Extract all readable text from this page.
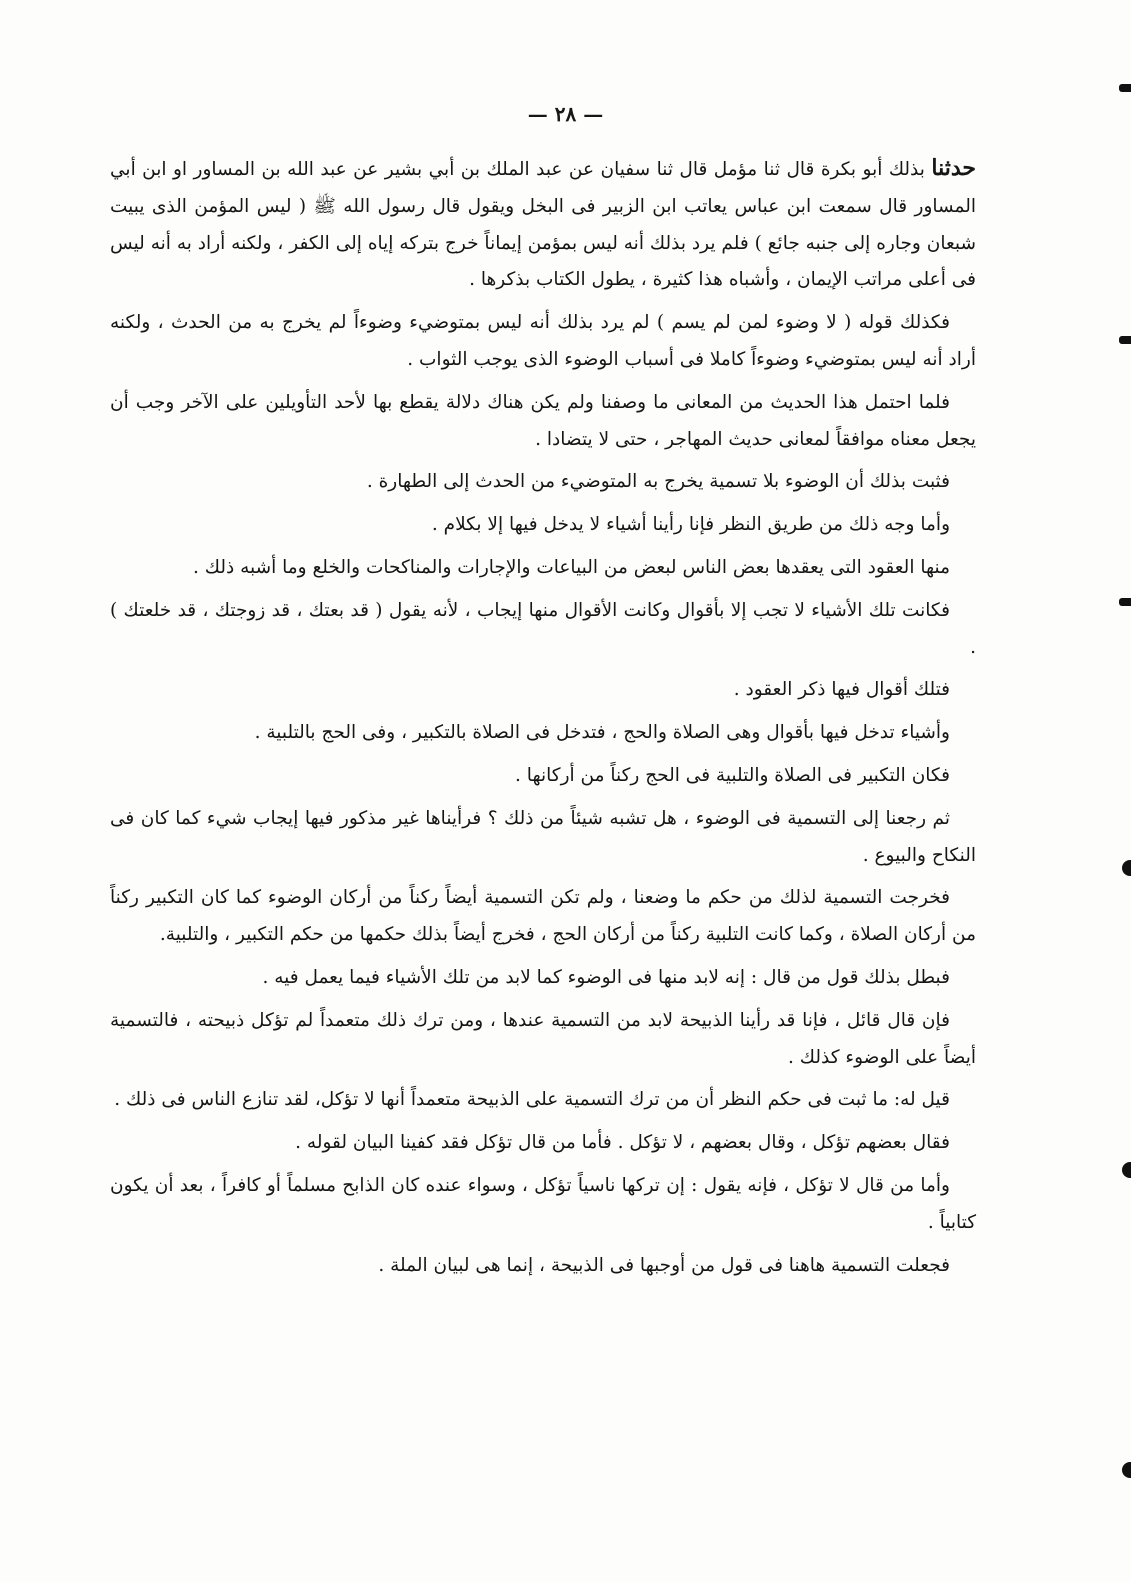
— ٢٨ —

حدثنا بذلك أبو بكرة قال ثنا مؤمل قال ثنا سفيان عن عبد الملك بن أبي بشير عن عبد الله بن المساور او ابن أبي المساور قال سمعت ابن عباس يعاتب ابن الزبير فى البخل ويقول قال رسول الله ﷺ ( ليس المؤمن الذى يبيت شبعان وجاره إلى جنبه جائع ) فلم يرد بذلك أنه ليس بمؤمن إيماناً خرج بتركه إياه إلى الكفر ، ولكنه أراد به أنه ليس فى أعلى مراتب الإيمان ، وأشباه هذا كثيرة ، يطول الكتاب بذكرها .

فكذلك قوله ( لا وضوء لمن لم يسم ) لم يرد بذلك أنه ليس بمتوضيء وضوءاً لم يخرج به من الحدث ، ولكنه أراد أنه ليس بمتوضيء وضوءاً كاملا فى أسباب الوضوء الذى يوجب الثواب .

فلما احتمل هذا الحديث من المعانى ما وصفنا ولم يكن هناك دلالة يقطع بها لأحد التأويلين على الآخر وجب أن يجعل معناه موافقاً لمعانى حديث المهاجر ، حتى لا يتضادا .

فثبت بذلك أن الوضوء بلا تسمية يخرج به المتوضيء من الحدث إلى الطهارة .

وأما وجه ذلك من طريق النظر فإنا رأينا أشياء لا يدخل فيها إلا بكلام .

منها العقود التى يعقدها بعض الناس لبعض من البياعات والإجارات والمناكحات والخلع وما أشبه ذلك .

فكانت تلك الأشياء لا تجب إلا بأقوال وكانت الأقوال منها إيجاب ، لأنه يقول ( قد بعتك ، قد زوجتك ، قد خلعتك ) .

فتلك أقوال فيها ذكر العقود .

وأشياء تدخل فيها بأقوال وهى الصلاة والحج ، فتدخل فى الصلاة بالتكبير ، وفى الحج بالتلبية .

فكان التكبير فى الصلاة والتلبية فى الحج ركناً من أركانها .

ثم رجعنا إلى التسمية فى الوضوء ، هل تشبه شيئاً من ذلك ؟ فرأيناها غير مذكور فيها إيجاب شيء كما كان فى النكاح والبيوع .

فخرجت التسمية لذلك من حكم ما وضعنا ، ولم تكن التسمية أيضاً ركناً من أركان الوضوء كما كان التكبير ركناً من أركان الصلاة ، وكما كانت التلبية ركناً من أركان الحج ، فخرج أيضاً بذلك حكمها من حكم التكبير ، والتلبية.

فبطل بذلك قول من قال : إنه لابد منها فى الوضوء كما لابد من تلك الأشياء فيما يعمل فيه .

فإن قال قائل ، فإنا قد رأينا الذبيحة لابد من التسمية عندها ، ومن ترك ذلك متعمداً لم تؤكل ذبيحته ، فالتسمية أيضاً على الوضوء كذلك .

قيل له: ما ثبت فى حكم النظر أن من ترك التسمية على الذبيحة متعمداً أنها لا تؤكل، لقد تنازع الناس فى ذلك .

فقال بعضهم تؤكل ، وقال بعضهم ، لا تؤكل . فأما من قال تؤكل فقد كفينا البيان لقوله .

وأما من قال لا تؤكل ، فإنه يقول : إن تركها ناسياً تؤكل ، وسواء عنده كان الذابح مسلماً أو كافراً ، بعد أن يكون كتابياً .

فجعلت التسمية هاهنا فى قول من أوجبها فى الذبيحة ، إنما هى لبيان الملة .
